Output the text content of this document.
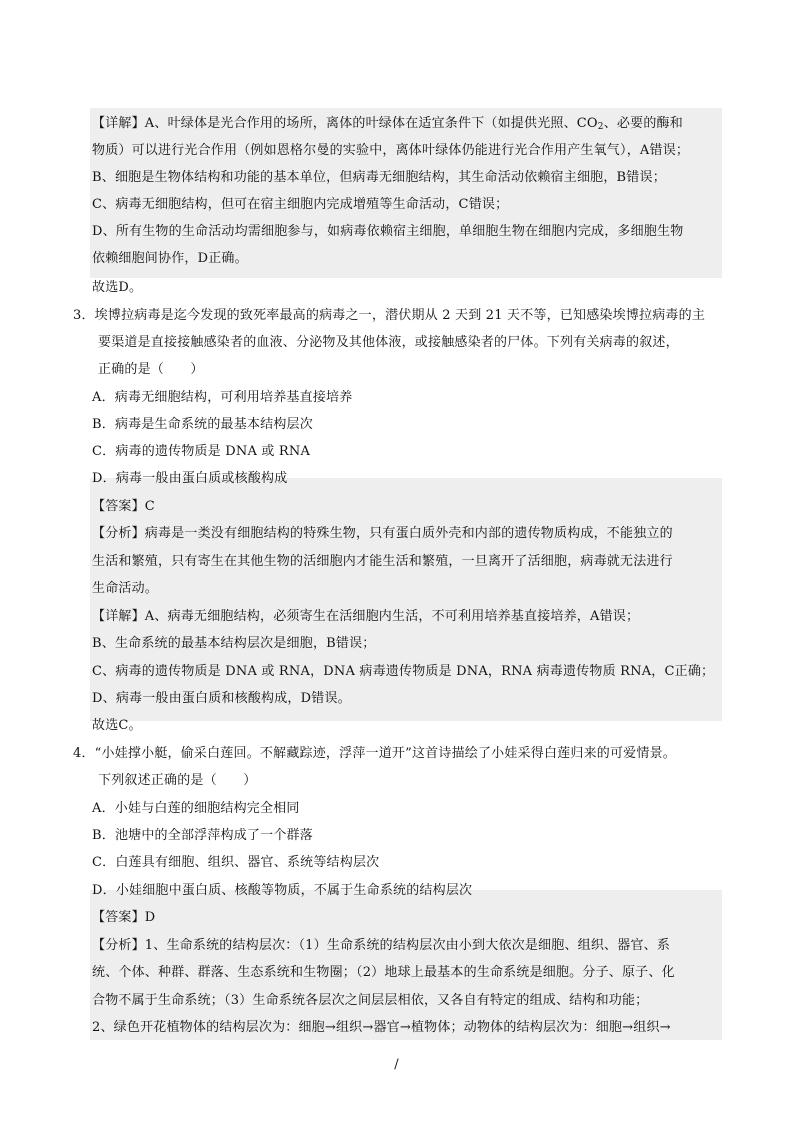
【详解】A、叶绿体是光合作用的场所，离体的叶绿体在适宜条件下（如提供光照、$CO_2$、必要的酶和
物质）可以进行光合作用（例如恩格尔曼的实验中，离体叶绿体仍能进行光合作用产生氧气），A错误；
B、细胞是生物体结构和功能的基本单位，但病毒无细胞结构，其生命活动依赖宿主细胞，B错误；
C、病毒无细胞结构，但可在宿主细胞内完成增殖等生命活动，C错误；
D、所有生物的生命活动均需细胞参与，如病毒依赖宿主细胞，单细胞生物在细胞内完成，多细胞生物
依赖细胞间协作，D正确。
故选D。
3．埃博拉病毒是迄今发现的致死率最高的病毒之一，潜伏期从 2 天到 21 天不等，已知感染埃博拉病毒的主
要渠道是直接接触感染者的血液、分泌物及其他体液，或接触感染者的尸体。下列有关病毒的叙述，
正确的是（　　）
A．病毒无细胞结构，可利用培养基直接培养
B．病毒是生命系统的最基本结构层次
C．病毒的遗传物质是 DNA 或 RNA
D．病毒一般由蛋白质或核酸构成
【答案】C
【分析】病毒是一类没有细胞结构的特殊生物，只有蛋白质外壳和内部的遗传物质构成，不能独立的
生活和繁殖，只有寄生在其他生物的活细胞内才能生活和繁殖，一旦离开了活细胞，病毒就无法进行
生命活动。
【详解】A、病毒无细胞结构，必须寄生在活细胞内生活，不可利用培养基直接培养，A错误；
B、生命系统的最基本结构层次是细胞，B错误；
C、病毒的遗传物质是 DNA 或 RNA，DNA 病毒遗传物质是 DNA，RNA 病毒遗传物质 RNA，C正确；
D、病毒一般由蛋白质和核酸构成，D错误。
故选C。
4．“小娃撑小艇，偷采白莲回。不解藏踪迹，浮萍一道开”这首诗描绘了小娃采得白莲归来的可爱情景。
下列叙述正确的是（　　）
A．小娃与白莲的细胞结构完全相同
B．池塘中的全部浮萍构成了一个群落
C．白莲具有细胞、组织、器官、系统等结构层次
D．小娃细胞中蛋白质、核酸等物质，不属于生命系统的结构层次
【答案】D
【分析】1、生命系统的结构层次：（1）生命系统的结构层次由小到大依次是细胞、组织、器官、系
统、个体、种群、群落、生态系统和生物圈；（2）地球上最基本的生命系统是细胞。分子、原子、化
合物不属于生命系统；（3）生命系统各层次之间层层相依，又各自有特定的组成、结构和功能；
2、绿色开花植物体的结构层次为：细胞→组织→器官→植物体；动物体的结构层次为：细胞→组织→
/
